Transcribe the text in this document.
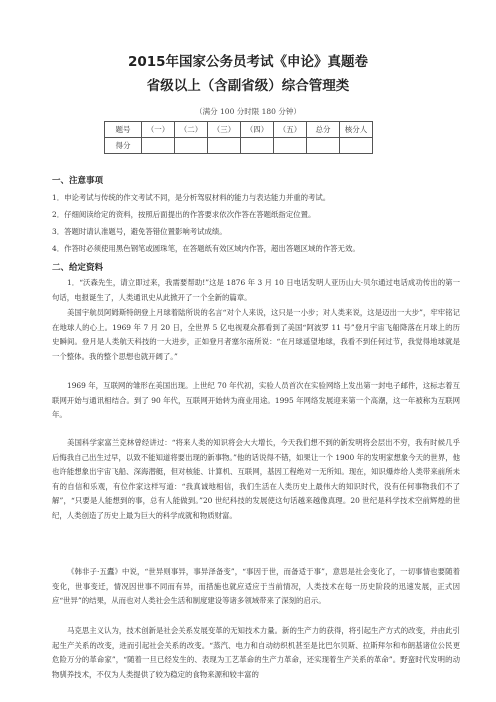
2015年国家公务员考试《申论》真题卷
省级以上（含副省级）综合管理类
（满分 100 分时限 180 分钟）
题号	（一）	（二）	（三）	（四）	（五）	总分	核分人
得分							
一、注意事项
1．申论考试与传统的作文考试不同，是分析驾驭材料的能力与表达能力并重的考试。
2．仔细阅读给定的资料，按照后面提出的作答要求依次作答在答题纸指定位置。
3．答题时请认准题号，避免答错位置影响考试成绩。
4．作答时必须使用黑色钢笔或圆珠笔，在答题纸有效区域内作答，超出答题区域的作答无效。
二、给定资料

1．“沃森先生，请立即过来，我需要帮助!”这是 1876 年 3 月 10 日电话发明人亚历山大·贝尔通过电话成功传出的第一句话，电报诞生了，人类通讯史从此掀开了一个全新的篇章。

美国宇航员阿姆斯特朗登上月球着陆所说的名言“对个人来说，这只是一小步；对人类来说，这是迈出一大步”，牢牢铭记在地球人的心上。1969 年 7 月 20 日，全世界 5 亿电视观众都看到了美国“阿波罗 11 号”登月宇宙飞船降落在月球上的历史瞬间。登月是人类航天科技的一大进步，正如登月者塞尔南所说：“在月球遥望地球，我看不到任何过节，我觉得地球就是一个整体。我的整个思想也就开阔了。”

1969 年，互联网的雏形在美国出现。上世纪 70 年代初，实验人员首次在实验网络上发出第一封电子邮件，这标志着互联网开始与通讯相结合。到了 90 年代，互联网开始转为商业用途。1995 年网络发展迎来第一个高潮，这一年被称为互联网年。

美国科学家富兰克林曾经讲过：“将来人类的知识将会大大增长，今天我们想不到的新发明将会层出不穷，我有时候几乎后悔我自己出生过早，以致不能知道将要出现的新事物。”他的话说得不错，如果让一个 1900 年的发明家想象今天的世界，他也许能想象出宇宙飞船、深海潜艇，但对核能、计算机、互联网，基因工程绝对一无所知。现在，知识爆炸给人类带来前所未有的自信和乐观，有位作家这样写道：“我真诚地相信，我们生活在人类历史上最伟大的知识时代，没有任何事物我们不了解”，“只要是人能想到的事，总有人能做到。”20 世纪科技的发展使这句话越来越像真理。20 世纪是科学技术空前辉煌的世纪，人类创造了历史上最为巨大的科学成就和物质财富。

《韩非子·五蠹》中说，“世异则事异，事异泽备变”，“事因于世，而备适于事”，意思是社会变化了，一切事情也要随着变化，世事变迁，情况因世事不同而有异，而措施也就应适应于当前情况，人类技术在每一历史阶段的迅速发展，正式因应“世异”的结果，从而也对人类社会生活和制度建设等诸多领域带来了深刻的启示。

马克思主义认为，技术创新是社会关系发展变革的无知技术力量。新的生产力的获得，将引起生产方式的改变，并由此引起生产关系的改变，进而引起社会关系的改变。“蒸汽、电力和自动纺织机甚至是比巴尔贝斯、拉斯拜尔和布朗基诸位公民更危险万分的革命家”，“随着一旦已经发生的、表现为工艺革命的生产力革命，还实现着生产关系的革命”。野蛮时代发明的动物驯养技术，不仅为人类提供了较为稳定的食物来源和较丰富的
